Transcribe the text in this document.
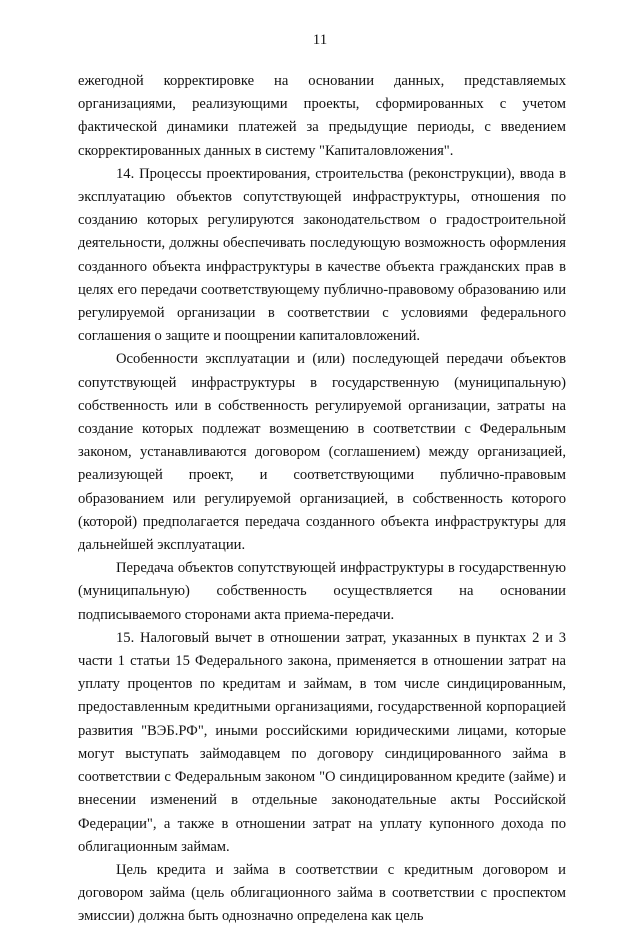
11

ежегодной корректировке на основании данных, представляемых организациями, реализующими проекты, сформированных с учетом фактической динамики платежей за предыдущие периоды, с введением скорректированных данных в систему "Капиталовложения".

14. Процессы проектирования, строительства (реконструкции), ввода в эксплуатацию объектов сопутствующей инфраструктуры, отношения по созданию которых регулируются законодательством о градостроительной деятельности, должны обеспечивать последующую возможность оформления созданного объекта инфраструктуры в качестве объекта гражданских прав в целях его передачи соответствующему публично-правовому образованию или регулируемой организации в соответствии с условиями федерального соглашения о защите и поощрении капиталовложений.

Особенности эксплуатации и (или) последующей передачи объектов сопутствующей инфраструктуры в государственную (муниципальную) собственность или в собственность регулируемой организации, затраты на создание которых подлежат возмещению в соответствии с Федеральным законом, устанавливаются договором (соглашением) между организацией, реализующей проект, и соответствующими публично-правовым образованием или регулируемой организацией, в собственность которого (которой) предполагается передача созданного объекта инфраструктуры для дальнейшей эксплуатации.

Передача объектов сопутствующей инфраструктуры в государственную (муниципальную) собственность осуществляется на основании подписываемого сторонами акта приема-передачи.

15. Налоговый вычет в отношении затрат, указанных в пунктах 2 и 3 части 1 статьи 15 Федерального закона, применяется в отношении затрат на уплату процентов по кредитам и займам, в том числе синдицированным, предоставленным кредитными организациями, государственной корпорацией развития "ВЭБ.РФ", иными российскими юридическими лицами, которые могут выступать займодавцем по договору синдицированного займа в соответствии с Федеральным законом "О синдицированном кредите (займе) и внесении изменений в отдельные законодательные акты Российской Федерации", а также в отношении затрат на уплату купонного дохода по облигационным займам.

Цель кредита и займа в соответствии с кредитным договором и договором займа (цель облигационного займа в соответствии с проспектом эмиссии) должна быть однозначно определена как цель
